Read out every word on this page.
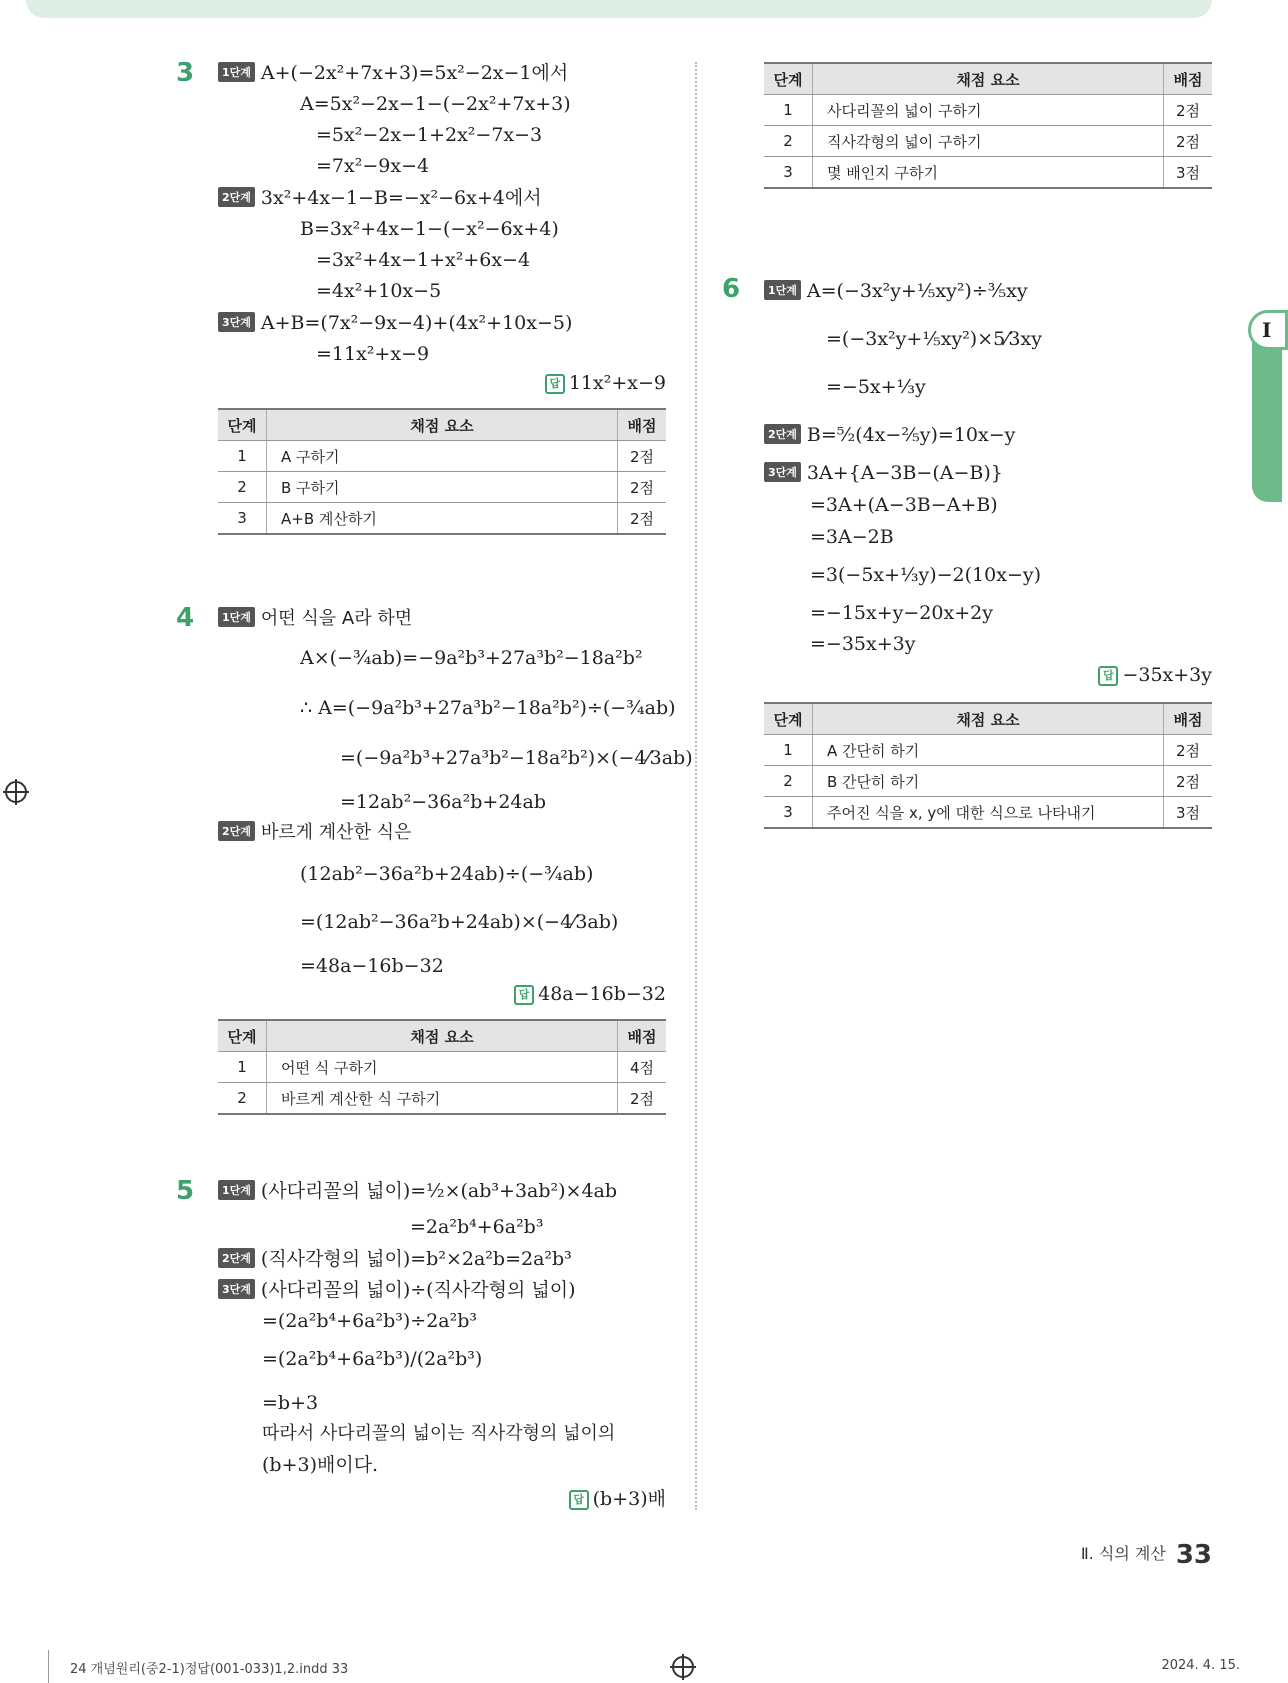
I
3	1단계 A+(−2x²+7x+3)=5x²−2x−1에서
A=5x²−2x−1−(−2x²+7x+3)
=5x²−2x−1+2x²−7x−3
=7x²−9x−4
2단계 3x²+4x−1−B=−x²−6x+4에서
B=3x²+4x−1−(−x²−6x+4)
=3x²+4x−1+x²+6x−4
=4x²+10x−5
3단계 A+B=(7x²−9x−4)+(4x²+10x−5)
=11x²+x−9
답 11x²+x−9
단계	채점 요소	배점
1	A 구하기	2점
2	B 구하기	2점
3	A+B 계산하기	2점
4	1단계 어떤 식을 A라 하면
A×(−³⁄₄ab)=−9a²b³+27a³b²−18a²b²
∴ A=(−9a²b³+27a³b²−18a²b²)÷(−³⁄₄ab)
=(−9a²b³+27a³b²−18a²b²)×(−4⁄3ab)
=12ab²−36a²b+24ab
2단계 바르게 계산한 식은
(12ab²−36a²b+24ab)÷(−³⁄₄ab)
=(12ab²−36a²b+24ab)×(−4⁄3ab)
=48a−16b−32
답 48a−16b−32
단계	채점 요소	배점
1	어떤 식 구하기	4점
2	바르게 계산한 식 구하기	2점
5	1단계 (사다리꼴의 넓이)=½×(ab³+3ab²)×4ab
=2a²b⁴+6a²b³
2단계 (직사각형의 넓이)=b²×2a²b=2a²b³
3단계 (사다리꼴의 넓이)÷(직사각형의 넓이)
=(2a²b⁴+6a²b³)÷2a²b³
=(2a²b⁴+6a²b³)/(2a²b³)
=b+3
따라서 사다리꼴의 넓이는 직사각형의 넓이의
(b+3)배이다.
답 (b+3)배
단계	채점 요소	배점
1	사다리꼴의 넓이 구하기	2점
2	직사각형의 넓이 구하기	2점
3	몇 배인지 구하기	3점
6	1단계 A=(−3x²y+⅕xy²)÷³⁄₅xy
=(−3x²y+⅕xy²)×5⁄3xy
=−5x+⅓y
2단계 B=⁵⁄₂(4x−⅖y)=10x−y
3단계 3A+{A−3B−(A−B)}
=3A+(A−3B−A+B)
=3A−2B
=3(−5x+⅓y)−2(10x−y)
=−15x+y−20x+2y
=−35x+3y
답 −35x+3y
단계	채점 요소	배점
1	A 간단히 하기	2점
2	B 간단히 하기	2점
3	주어진 식을 x, y에 대한 식으로 나타내기	3점
Ⅱ. 식의 계산 33
24 개념원리(중2-1)정답(001-033)1,2.indd 33	2024. 4. 15.
